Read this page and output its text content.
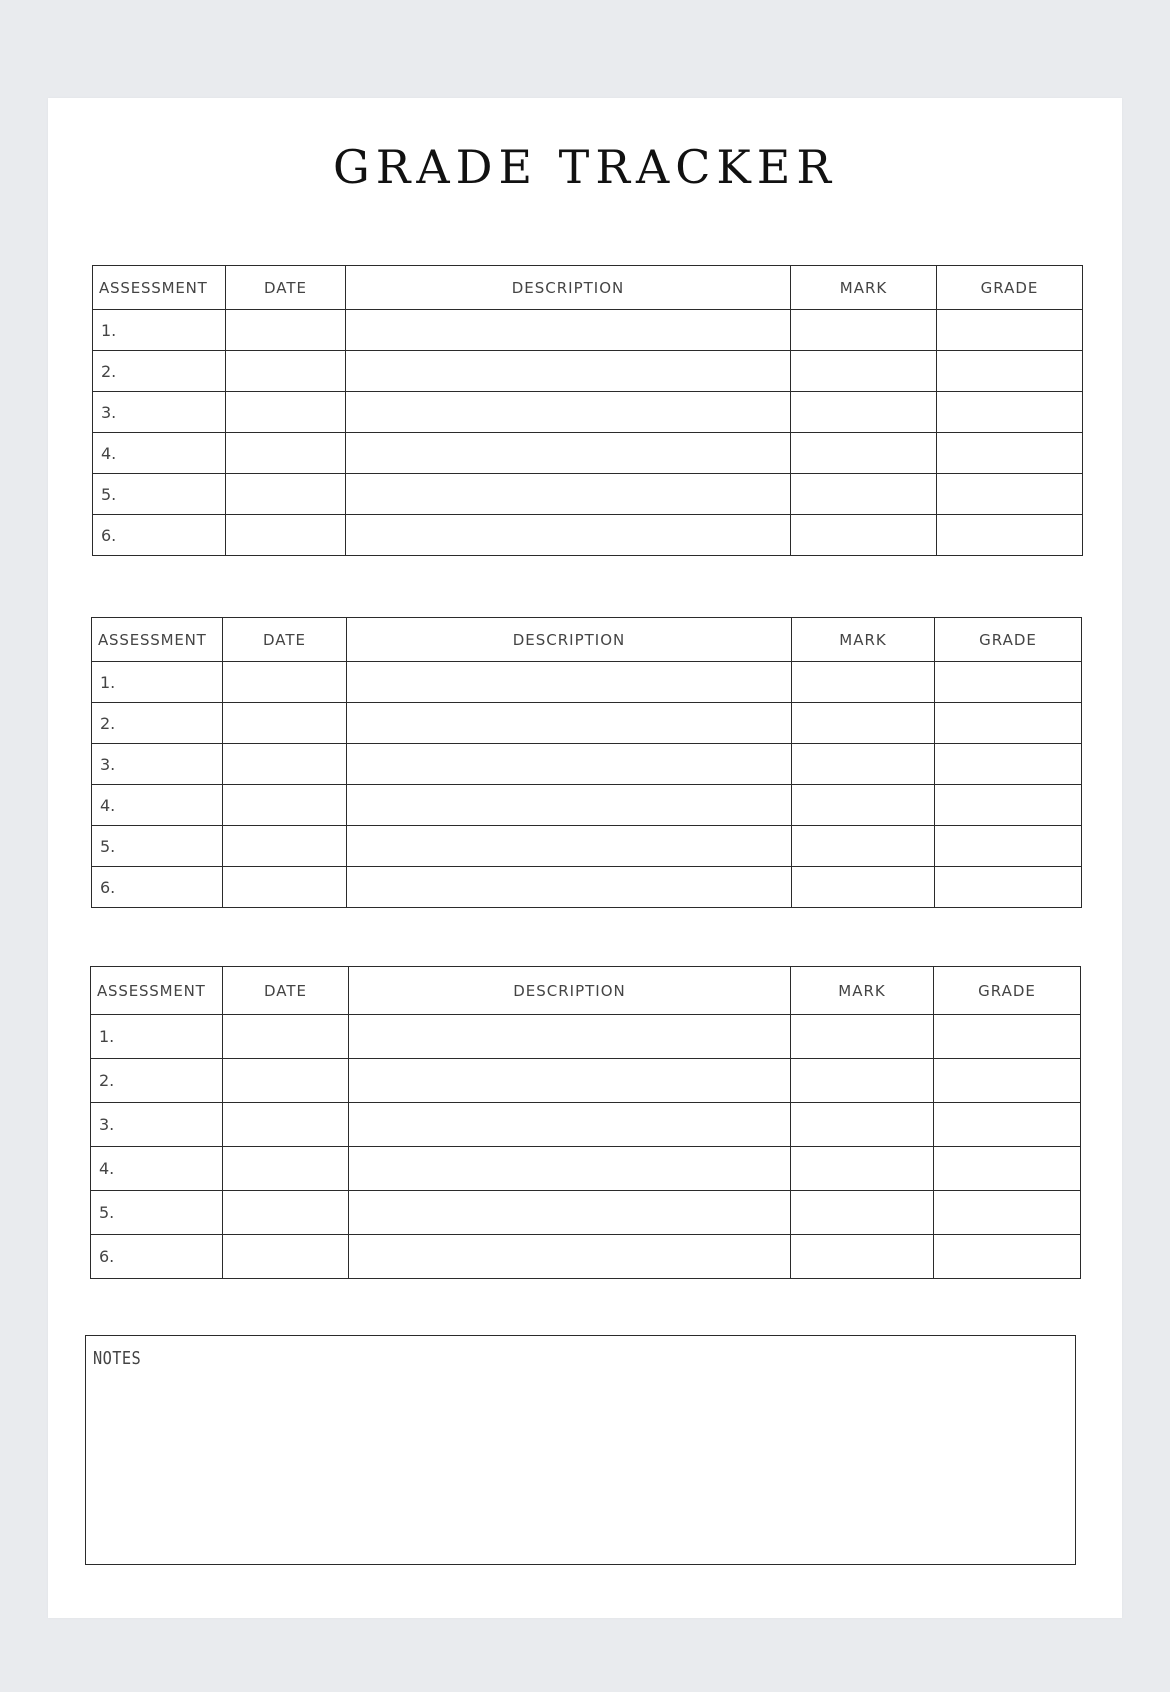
GRADE TRACKER
ASSESSMENT	DATE	DESCRIPTION	MARK	GRADE
1.				
2.				
3.				
4.				
5.				
6.				
ASSESSMENT	DATE	DESCRIPTION	MARK	GRADE
1.				
2.				
3.				
4.				
5.				
6.				
ASSESSMENT	DATE	DESCRIPTION	MARK	GRADE
1.				
2.				
3.				
4.				
5.				
6.				
NOTES
